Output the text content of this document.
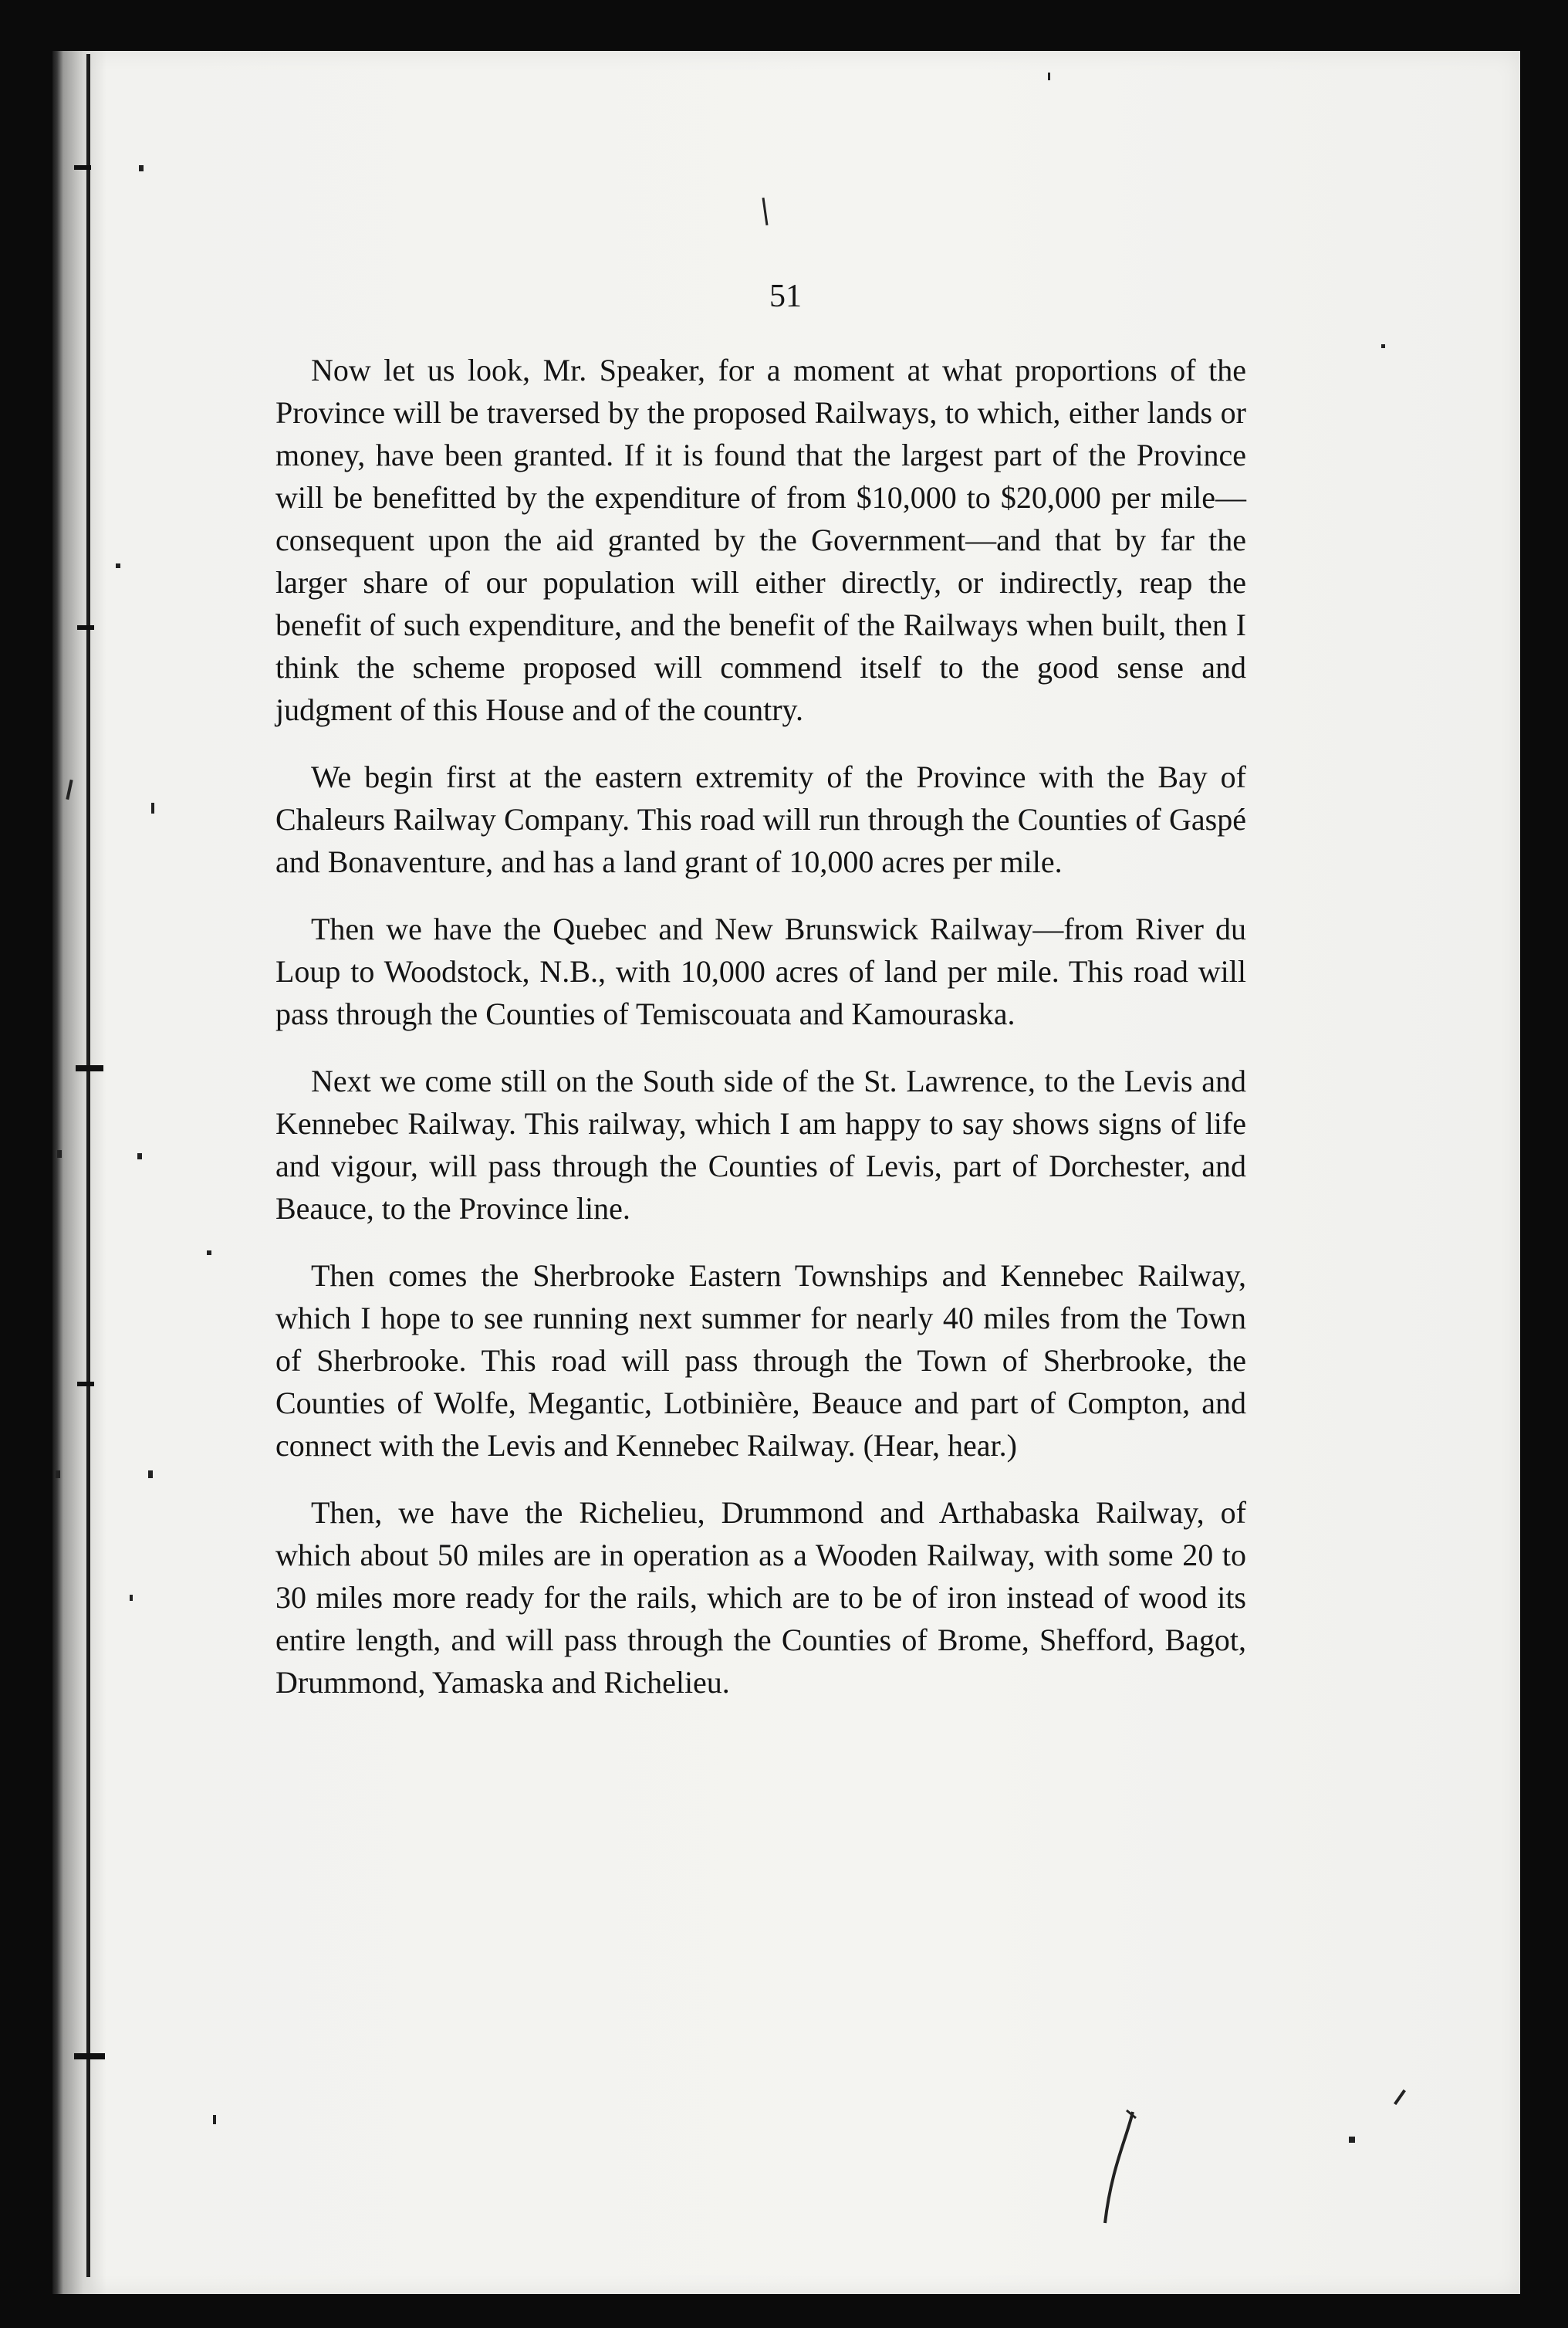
51

Now let us look, Mr. Speaker, for a moment at what proportions of the Province will be traversed by the proposed Railways, to which, either lands or money, have been granted. If it is found that the largest part of the Province will be benefitted by the expenditure of from $10,000 to $20,000 per mile—consequent upon the aid granted by the Government—and that by far the larger share of our population will either directly, or indirectly, reap the benefit of such expenditure, and the benefit of the Railways when built, then I think the scheme proposed will commend itself to the good sense and judgment of this House and of the country.

We begin first at the eastern extremity of the Province with the Bay of Chaleurs Railway Company. This road will run through the Counties of Gaspé and Bonaventure, and has a land grant of 10,000 acres per mile.

Then we have the Quebec and New Brunswick Railway—from River du Loup to Woodstock, N.B., with 10,000 acres of land per mile. This road will pass through the Counties of Temiscouata and Kamouraska.

Next we come still on the South side of the St. Lawrence, to the Levis and Kennebec Railway. This railway, which I am happy to say shows signs of life and vigour, will pass through the Counties of Levis, part of Dorchester, and Beauce, to the Province line.

Then comes the Sherbrooke Eastern Townships and Kennebec Railway, which I hope to see running next summer for nearly 40 miles from the Town of Sherbrooke. This road will pass through the Town of Sherbrooke, the Counties of Wolfe, Megantic, Lotbinière, Beauce and part of Compton, and connect with the Levis and Kennebec Railway. (Hear, hear.)

Then, we have the Richelieu, Drummond and Arthabaska Railway, of which about 50 miles are in operation as a Wooden Railway, with some 20 to 30 miles more ready for the rails, which are to be of iron instead of wood its entire length, and will pass through the Counties of Brome, Shefford, Bagot, Drummond, Yamaska and Richelieu.
